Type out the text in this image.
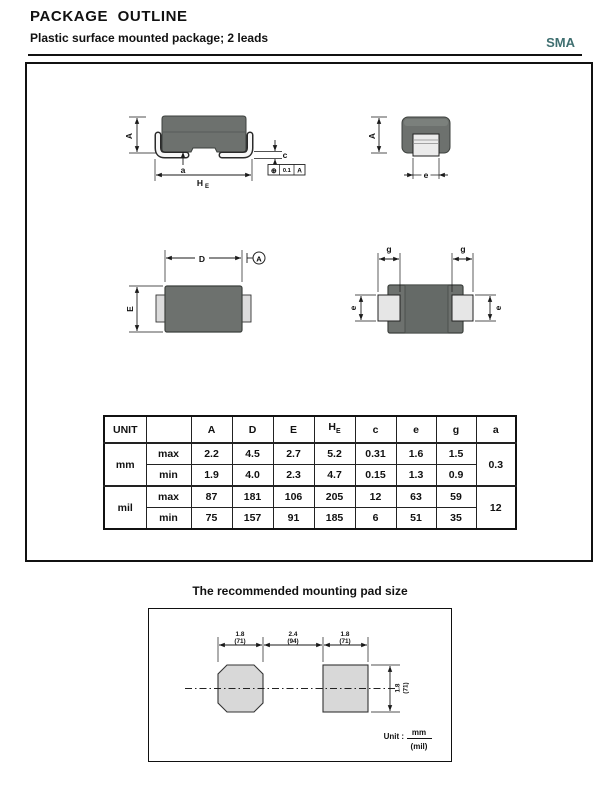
PACKAGE  OUTLINE
Plastic surface mounted package; 2 leads	SMA
A
a
H E
c
⊕ 0.1 A
A
e
D	A
E
g	g
e	e
UNIT		A	D	E	$H_E$	c	e	g	a
mm	max	2.2	4.5	2.7	5.2	0.31	1.6	1.5	0.3
	min	1.9	4.0	2.3	4.7	0.15	1.3	0.9	
mil	max	87	181	106	205	12	63	59	12
	min	75	157	91	185	6	51	35	
The recommended mounting pad size
1.8
(71)
2.4
(94)
1.8
(71)
1.8 (71)
Unit : mm
(mil)
